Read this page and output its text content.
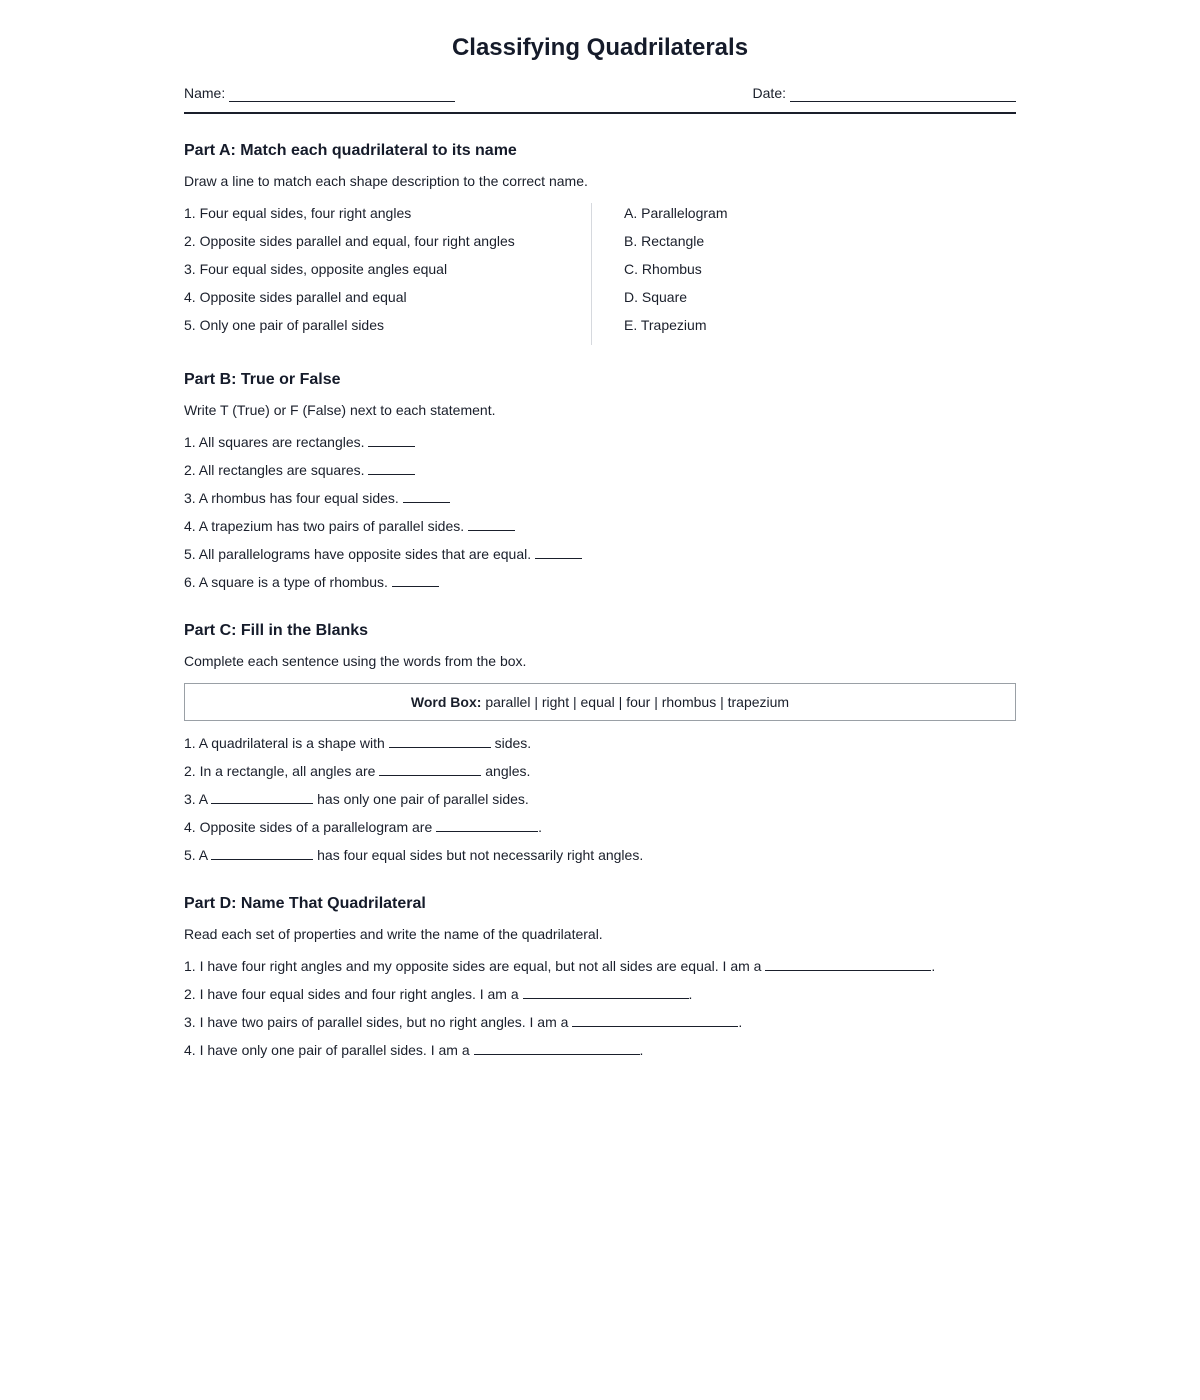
Classifying Quadrilaterals
Name:	Date:
Part A: Match each quadrilateral to its name

Draw a line to match each shape description to the correct name.

1. Four equal sides, four right angles
2. Opposite sides parallel and equal, four right angles
3. Four equal sides, opposite angles equal
4. Opposite sides parallel and equal
5. Only one pair of parallel sides
A. Parallelogram
B. Rectangle
C. Rhombus
D. Square
E. Trapezium
Part B: True or False

Write T (True) or F (False) next to each statement.

1. All squares are rectangles.
2. All rectangles are squares.
3. A rhombus has four equal sides.
4. A trapezium has two pairs of parallel sides.
5. All parallelograms have opposite sides that are equal.
6. A square is a type of rhombus.
Part C: Fill in the Blanks

Complete each sentence using the words from the box.

Word Box: parallel | right | equal | four | rhombus | trapezium
1. A quadrilateral is a shape with	sides.
2. In a rectangle, all angles are	angles.
3. A	has only one pair of parallel sides.
4. Opposite sides of a parallelogram are	.
5. A	has four equal sides but not necessarily right angles.
Part D: Name That Quadrilateral

Read each set of properties and write the name of the quadrilateral.

1. I have four right angles and my opposite sides are equal, but not all sides are equal. I am a	.
2. I have four equal sides and four right angles. I am a	.
3. I have two pairs of parallel sides, but no right angles. I am a	.
4. I have only one pair of parallel sides. I am a	.
